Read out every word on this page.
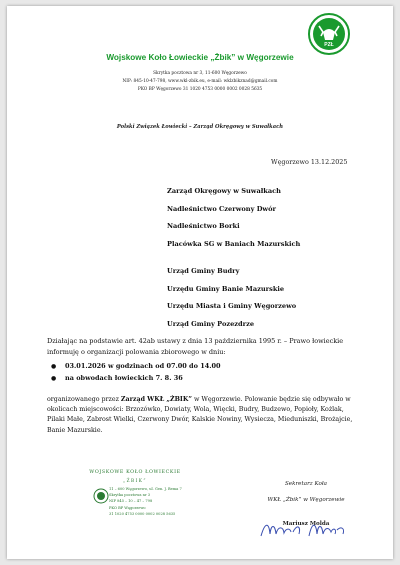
PZŁ
Wojskowe Koło Łowieckie „Żbik” w Węgorzewie
Skrytka pocztowa nr 3, 11-600 Węgorzewo
NIP: 845-10-47-798, www.wkl-zbik.eu, e-mail: wklzbikznad@gmail.com
PKO BP Węgorzewo 31 1020 4753 0000 0002 0028 5635
Polski Związek Łowiecki – Zarząd Okręgowy w Suwałkach
Węgorzewo 13.12.2025
Zarząd Okręgowy w Suwałkach
Nadleśnictwo Czerwony Dwór
Nadleśnictwo Borki
Placówka SG w Baniach Mazurskich
Urząd Gminy Budry
Urzędu Gminy Banie Mazurskie
Urzędu Miasta i Gminy Węgorzewo
Urząd Gminy Pozezdrze
Działając na podstawie art. 42ab ustawy z dnia 13 października 1995 r. – Prawo łowieckie informuję o organizacji polowania zbiorowego w dniu:
●	03.01.2026 w godzinach od 07.00 do 14.00
●	na obwodach łowieckich 7. 8. 36
organizowanego przez Zarząd WKŁ „ŻBIK” w Węgorzewie. Polowanie będzie się odbywało w okolicach miejscowości: Brzozówko, Dowiaty, Wola, Więcki, Budry, Budzewo, Popioły, Kożlak, Pilaki Małe, Zabrost Wielki, Czerwony Dwór, Kalskie Nowiny, Wysiecza, Mieduniszki, Brożajcie, Banie Mazurskie.
WOJSKOWE KOŁO ŁOWIECKIE
„ŻBIK”
11 – 600 Węgorzewo, ul. Gen. J. Bema 7
Skrytka pocztowa nr 3
NIP 845 – 10 – 47 – 798
PKO BP Węgorzewo
31 1020 4753 0000 0002 0028 5635
Sekretarz Koła
WKŁ „Żbik” w Węgorzewie
Mariusz Molda
